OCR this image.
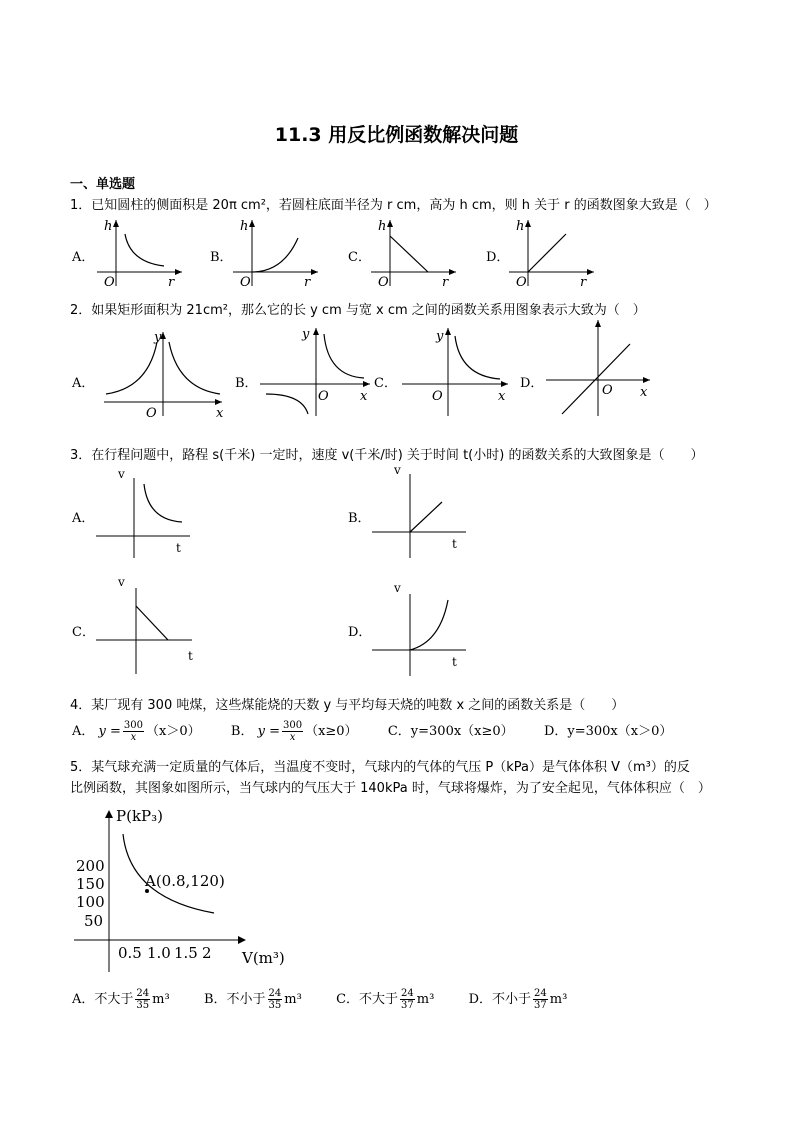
11.3 用反比例函数解决问题
一、单选题
1．已知圆柱的侧面积是 20π cm²，若圆柱底面半径为 r cm，高为 h cm，则 h 关于 r 的函数图象大致是（　）
A．
h
r
O
B．
h
r
O
C．
h
r
O
D．
h
r
O
2．如果矩形面积为 21cm²，那么它的长 y cm 与宽 x cm 之间的函数关系用图象表示大致为（　）
A．
y
x
O
B．
y
x
O
C．
y
x
O
D．	O x
3．在行程问题中，路程 s(千米) 一定时，速度 v(千米/时) 关于时间 t(小时) 的函数关系的大致图象是（　　）
A．
v
t
B．
v
t
C．
v
t
D．
v
t
4．某厂现有 300 吨煤，这些煤能烧的天数 y 与平均每天烧的吨数 x 之间的函数关系是（　　）
A． $y = \frac{300}{x} (x>0)$ B． $y = \frac{300}{x} (x\ge 0)$ C．y=300x（x≥0） D．y=300x（x＞0）
5．某气球充满一定质量的气体后，当温度不变时，气球内的气体的气压 P（kPa）是气体体积 V（m³）的反
比例函数，其图象如图所示，当气球内的气压大于 140kPa 时，气球将爆炸，为了安全起见，气体体积应（　）
P(kP₃)
V(m³)
A(0.8,120)
200
150
100
50
0.5 1.0 1.5 2
A．不大于 $\frac{24}{35} m^3$	B．不小于 $\frac{24}{35} m^3$	C．不大于 $\frac{24}{37} m^3$	D．不小于 $\frac{24}{37} m^3$
